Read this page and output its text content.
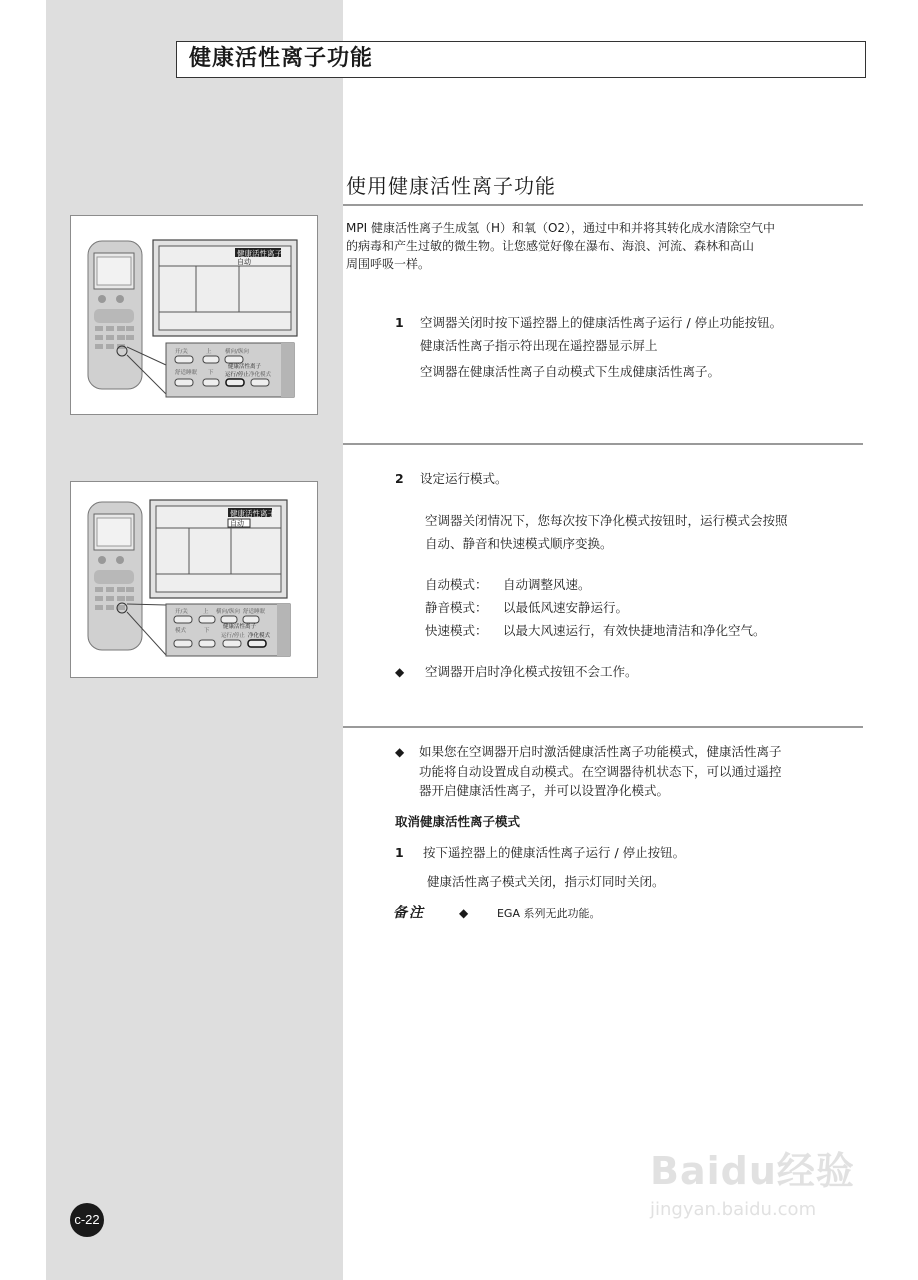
健康活性离子功能
使用健康活性离子功能
MPI 健康活性离子生成氢（H）和氧（O2），通过中和并将其转化成水清除空气中
的病毒和产生过敏的微生物。让您感觉好像在瀑布、海浪、河流、森林和高山
周围呼吸一样。
1 空调器关闭时按下遥控器上的健康活性离子运行 / 停止功能按钮。
健康活性离子指示符出现在遥控器显示屏上
空调器在健康活性离子自动模式下生成健康活性离子。
2 设定运行模式。
空调器关闭情况下，您每次按下净化模式按钮时，运行模式会按照
自动、静音和快速模式顺序变换。
自动模式： 自动调整风速。
静音模式： 以最低风速安静运行。
快速模式： 以最大风速运行，有效快捷地清洁和净化空气。
◆ 空调器开启时净化模式按钮不会工作。
◆ 如果您在空调器开启时激活健康活性离子功能模式，健康活性离子
功能将自动设置成自动模式。在空调器待机状态下，可以通过遥控
器开启健康活性离子，并可以设置净化模式。
取消健康活性离子模式
1 按下遥控器上的健康活性离子运行 / 停止按钮。
健康活性离子模式关闭，指示灯同时关闭。
备注	◆	EGA 系列无此功能。
健康活性离子
自动
开/关	上 横向/纵向
舒适睡眠 下
健康活性离子
运行/停止 净化模式
健康活性离子
自动
开/关	上 横向/纵向 舒适睡眠
模式	下
健康活性离子
运行/停止 净化模式
c-22
Baidu经验
jingyan.baidu.com
